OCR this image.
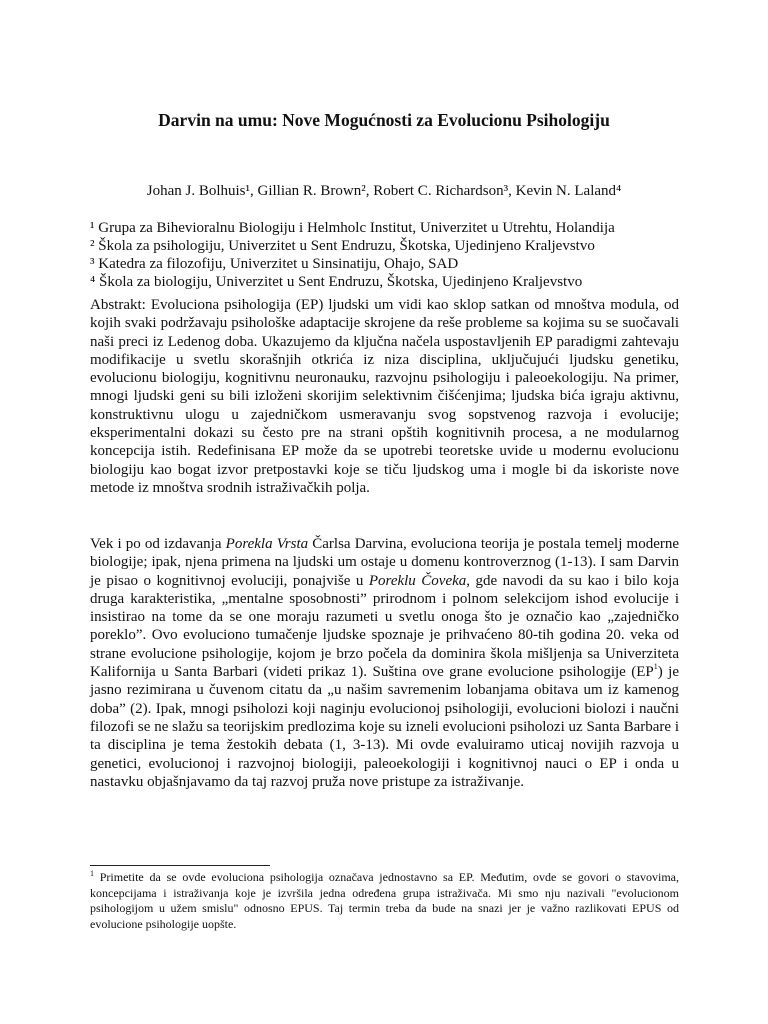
Darvin na umu: Nove Mogućnosti za Evolucionu Psihologiju

Johan J. Bolhuis¹, Gillian R. Brown², Robert C. Richardson³, Kevin N. Laland⁴

¹ Grupa za Bihevioralnu Biologiju i Helmholc Institut, Univerzitet u Utrehtu, Holandija
² Škola za psihologiju, Univerzitet u Sent Endruzu, Škotska, Ujedinjeno Kraljevstvo
³ Katedra za filozofiju, Univerzitet u Sinsinatiju, Ohajo, SAD
⁴ Škola za biologiju, Univerzitet u Sent Endruzu, Škotska, Ujedinjeno Kraljevstvo

Abstrakt: Evoluciona psihologija (EP) ljudski um vidi kao sklop satkan od mnoštva modula, od kojih svaki podržavaju psihološke adaptacije skrojene da reše probleme sa kojima su se suočavali naši preci iz Ledenog doba. Ukazujemo da ključna načela uspostavljenih EP paradigmi zahtevaju modifikacije u svetlu skorašnjih otkrića iz niza disciplina, uključujući ljudsku genetiku, evolucionu biologiju, kognitivnu neuronauku, razvojnu psihologiju i paleoekologiju. Na primer, mnogi ljudski geni su bili izloženi skorijim selektivnim čišćenjima; ljudska bića igraju aktivnu, konstruktivnu ulogu u zajedničkom usmeravanju svog sopstvenog razvoja i evolucije; eksperimentalni dokazi su često pre na strani opštih kognitivnih procesa, a ne modularnog koncepcija istih. Redefinisana EP može da se upotrebi teoretske uvide u modernu evolucionu biologiju kao bogat izvor pretpostavki koje se tiču ljudskog uma i mogle bi da iskoriste nove metode iz mnoštva srodnih istraživačkih polja.

Vek i po od izdavanja Porekla Vrsta Čarlsa Darvina, evoluciona teorija je postala temelj moderne biologije; ipak, njena primena na ljudski um ostaje u domenu kontroverznog (1-13). I sam Darvin je pisao o kognitivnoj evoluciji, ponajviše u Poreklu Čoveka, gde navodi da su kao i bilo koja druga karakteristika, „mentalne sposobnosti” prirodnom i polnom selekcijom ishod evolucije i insistirao na tome da se one moraju razumeti u svetlu onoga što je označio kao „zajedničko poreklo”. Ovo evoluciono tumačenje ljudske spoznaje je prihvaćeno 80-tih godina 20. veka od strane evolucione psihologije, kojom je brzo počela da dominira škola mišljenja sa Univerziteta Kalifornija u Santa Barbari (videti prikaz 1). Suština ove grane evolucione psihologije (EP$^1$) je jasno rezimirana u čuvenom citatu da „u našim savremenim lobanjama obitava um iz kamenog doba” (2). Ipak, mnogi psiholozi koji naginju evolucionoj psihologiji, evolucioni biolozi i naučni filozofi se ne slažu sa teorijskim predlozima koje su izneli evolucioni psiholozi uz Santa Barbare i ta disciplina je tema žestokih debata (1, 3-13). Mi ovde evaluiramo uticaj novijih razvoja u genetici, evolucionoj i razvojnoj biologiji, paleoekologiji i kognitivnoj nauci o EP i onda u nastavku objašnjavamo da taj razvoj pruža nove pristupe za istraživanje.

$^1$ Primetite da se ovde evoluciona psihologija označava jednostavno sa EP. Međutim, ovde se govori o stavovima, koncepcijama i istraživanja koje je izvršila jedna određena grupa istraživača. Mi smo nju nazivali "evolucionom psihologijom u užem smislu" odnosno EPUS. Taj termin treba da bude na snazi jer je važno razlikovati EPUS od evolucione psihologije uopšte.
